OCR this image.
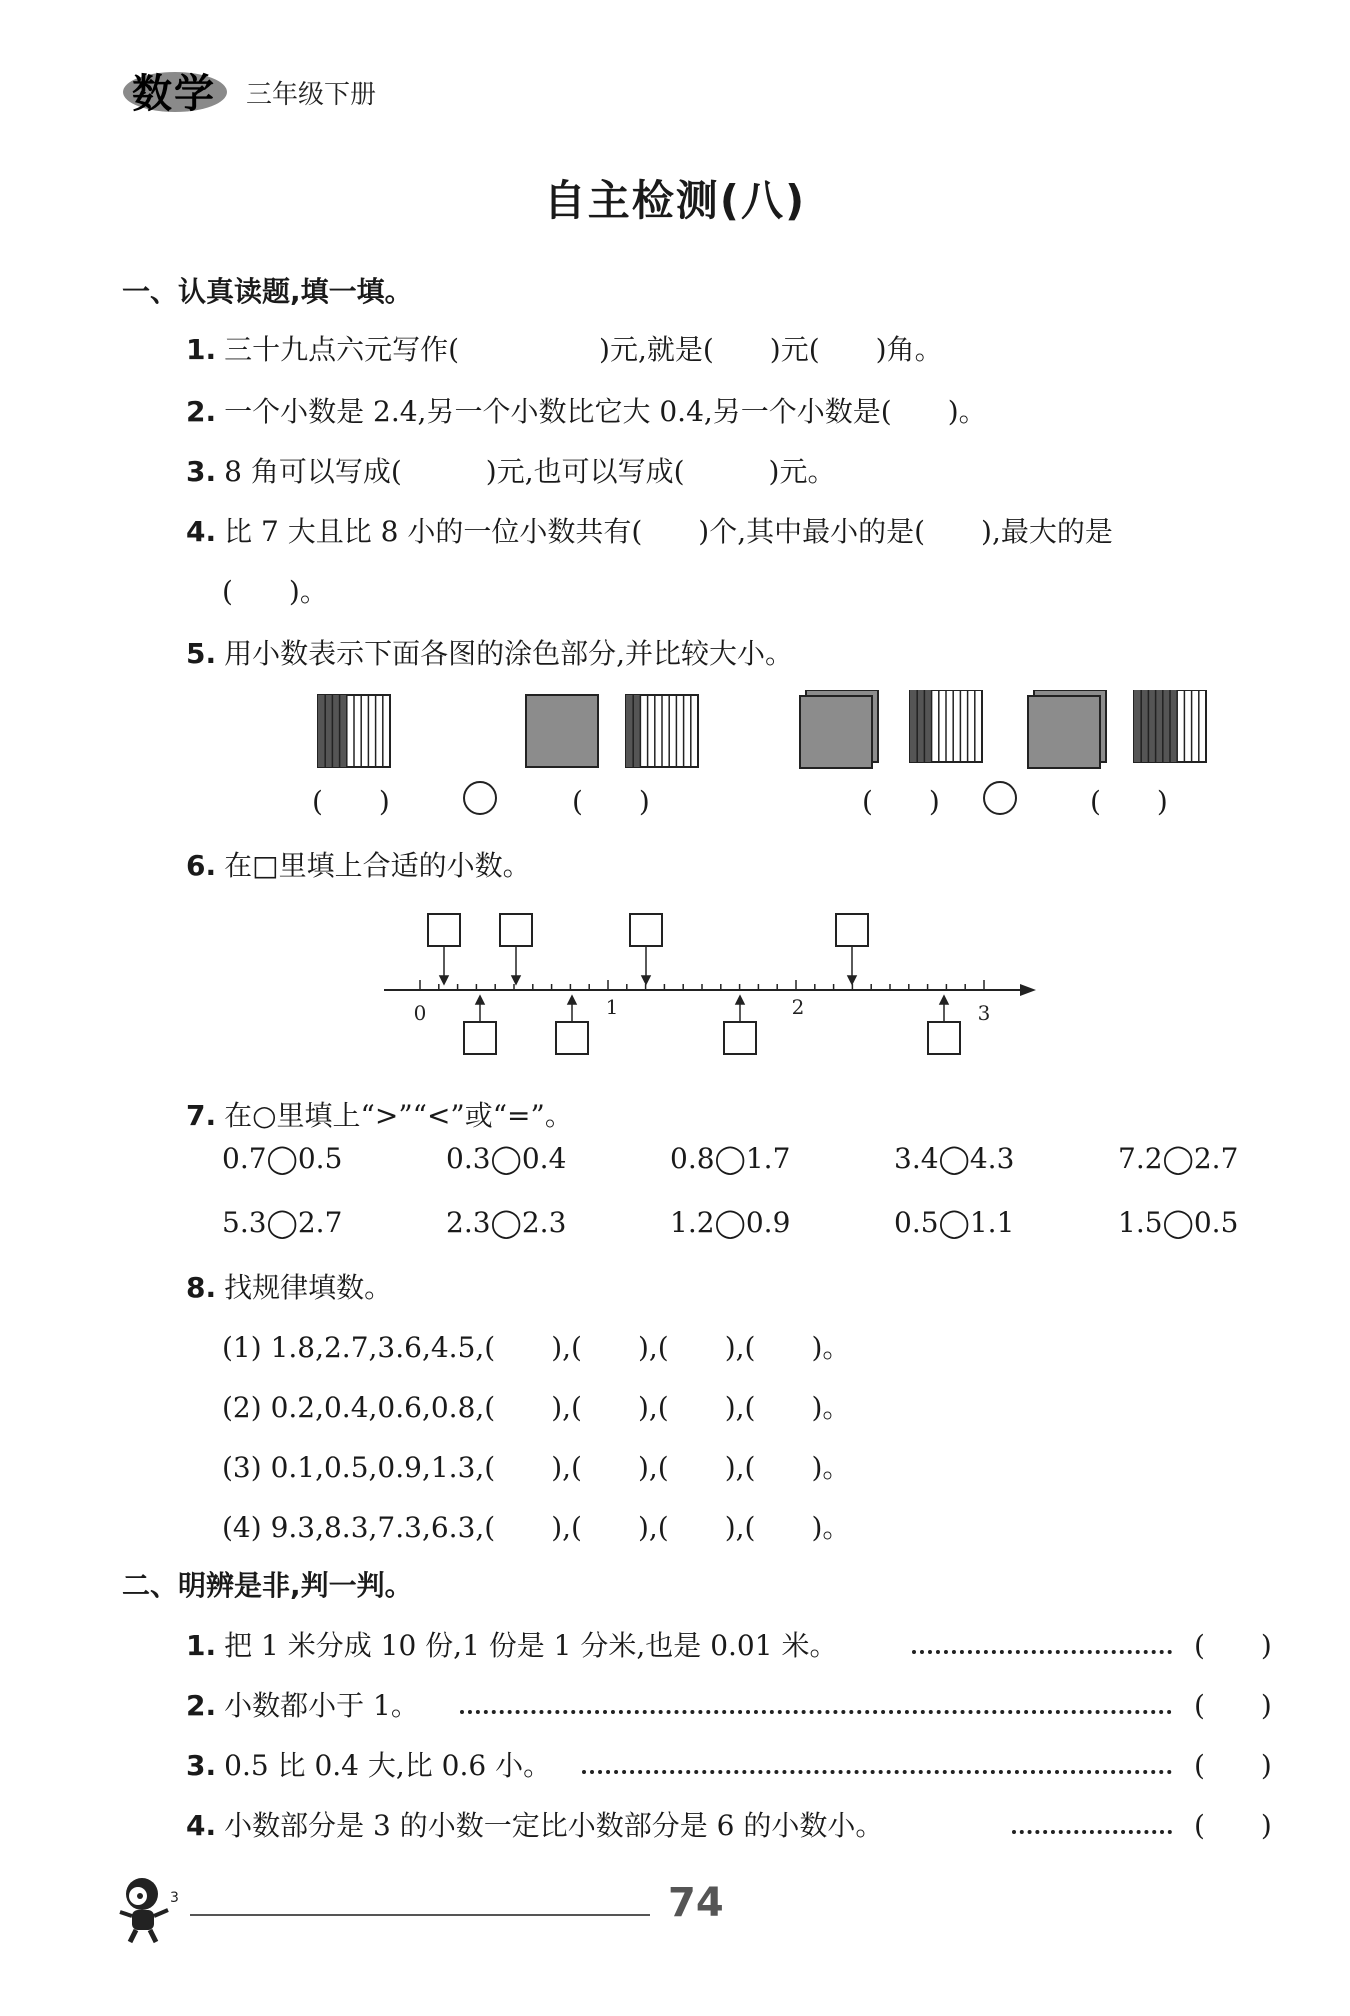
数学 三年级下册
自主检测(八)
一、认真读题,填一填。
1. 三十九点六元写作(　　　　　)元,就是(　　)元(　　)角。
2. 一个小数是 2.4,另一个小数比它大 0.4,另一个小数是(　　)。
3. 8 角可以写成(　　　)元,也可以写成(　　　)元。
4. 比 7 大且比 8 小的一位小数共有(　　)个,其中最小的是(　　),最大的是
(　　)。
5. 用小数表示下面各图的涂色部分,并比较大小。
(　　)	(　　)	(　　)	(　　)
6. 在□里填上合适的小数。
0	1	2	3
7. 在○里填上“>”“<”或“=”。
0.7◯0.5	0.3◯0.4	0.8◯1.7	3.4◯4.3	7.2◯2.7
5.3◯2.7	2.3◯2.3	1.2◯0.9	0.5◯1.1	1.5◯0.5
8. 找规律填数。
(1) 1.8,2.7,3.6,4.5,(　　),(　　),(　　),(　　)。
(2) 0.2,0.4,0.6,0.8,(　　),(　　),(　　),(　　)。
(3) 0.1,0.5,0.9,1.3,(　　),(　　),(　　),(　　)。
(4) 9.3,8.3,7.3,6.3,(　　),(　　),(　　),(　　)。
二、明辨是非,判一判。
1. 把 1 米分成 10 份,1 份是 1 分米,也是 0.01 米。	(　　)
2. 小数都小于 1。	(　　)
3. 0.5 比 0.4 大,比 0.6 小。	(　　)
4. 小数部分是 3 的小数一定比小数部分是 6 的小数小。	(　　)
3	74
